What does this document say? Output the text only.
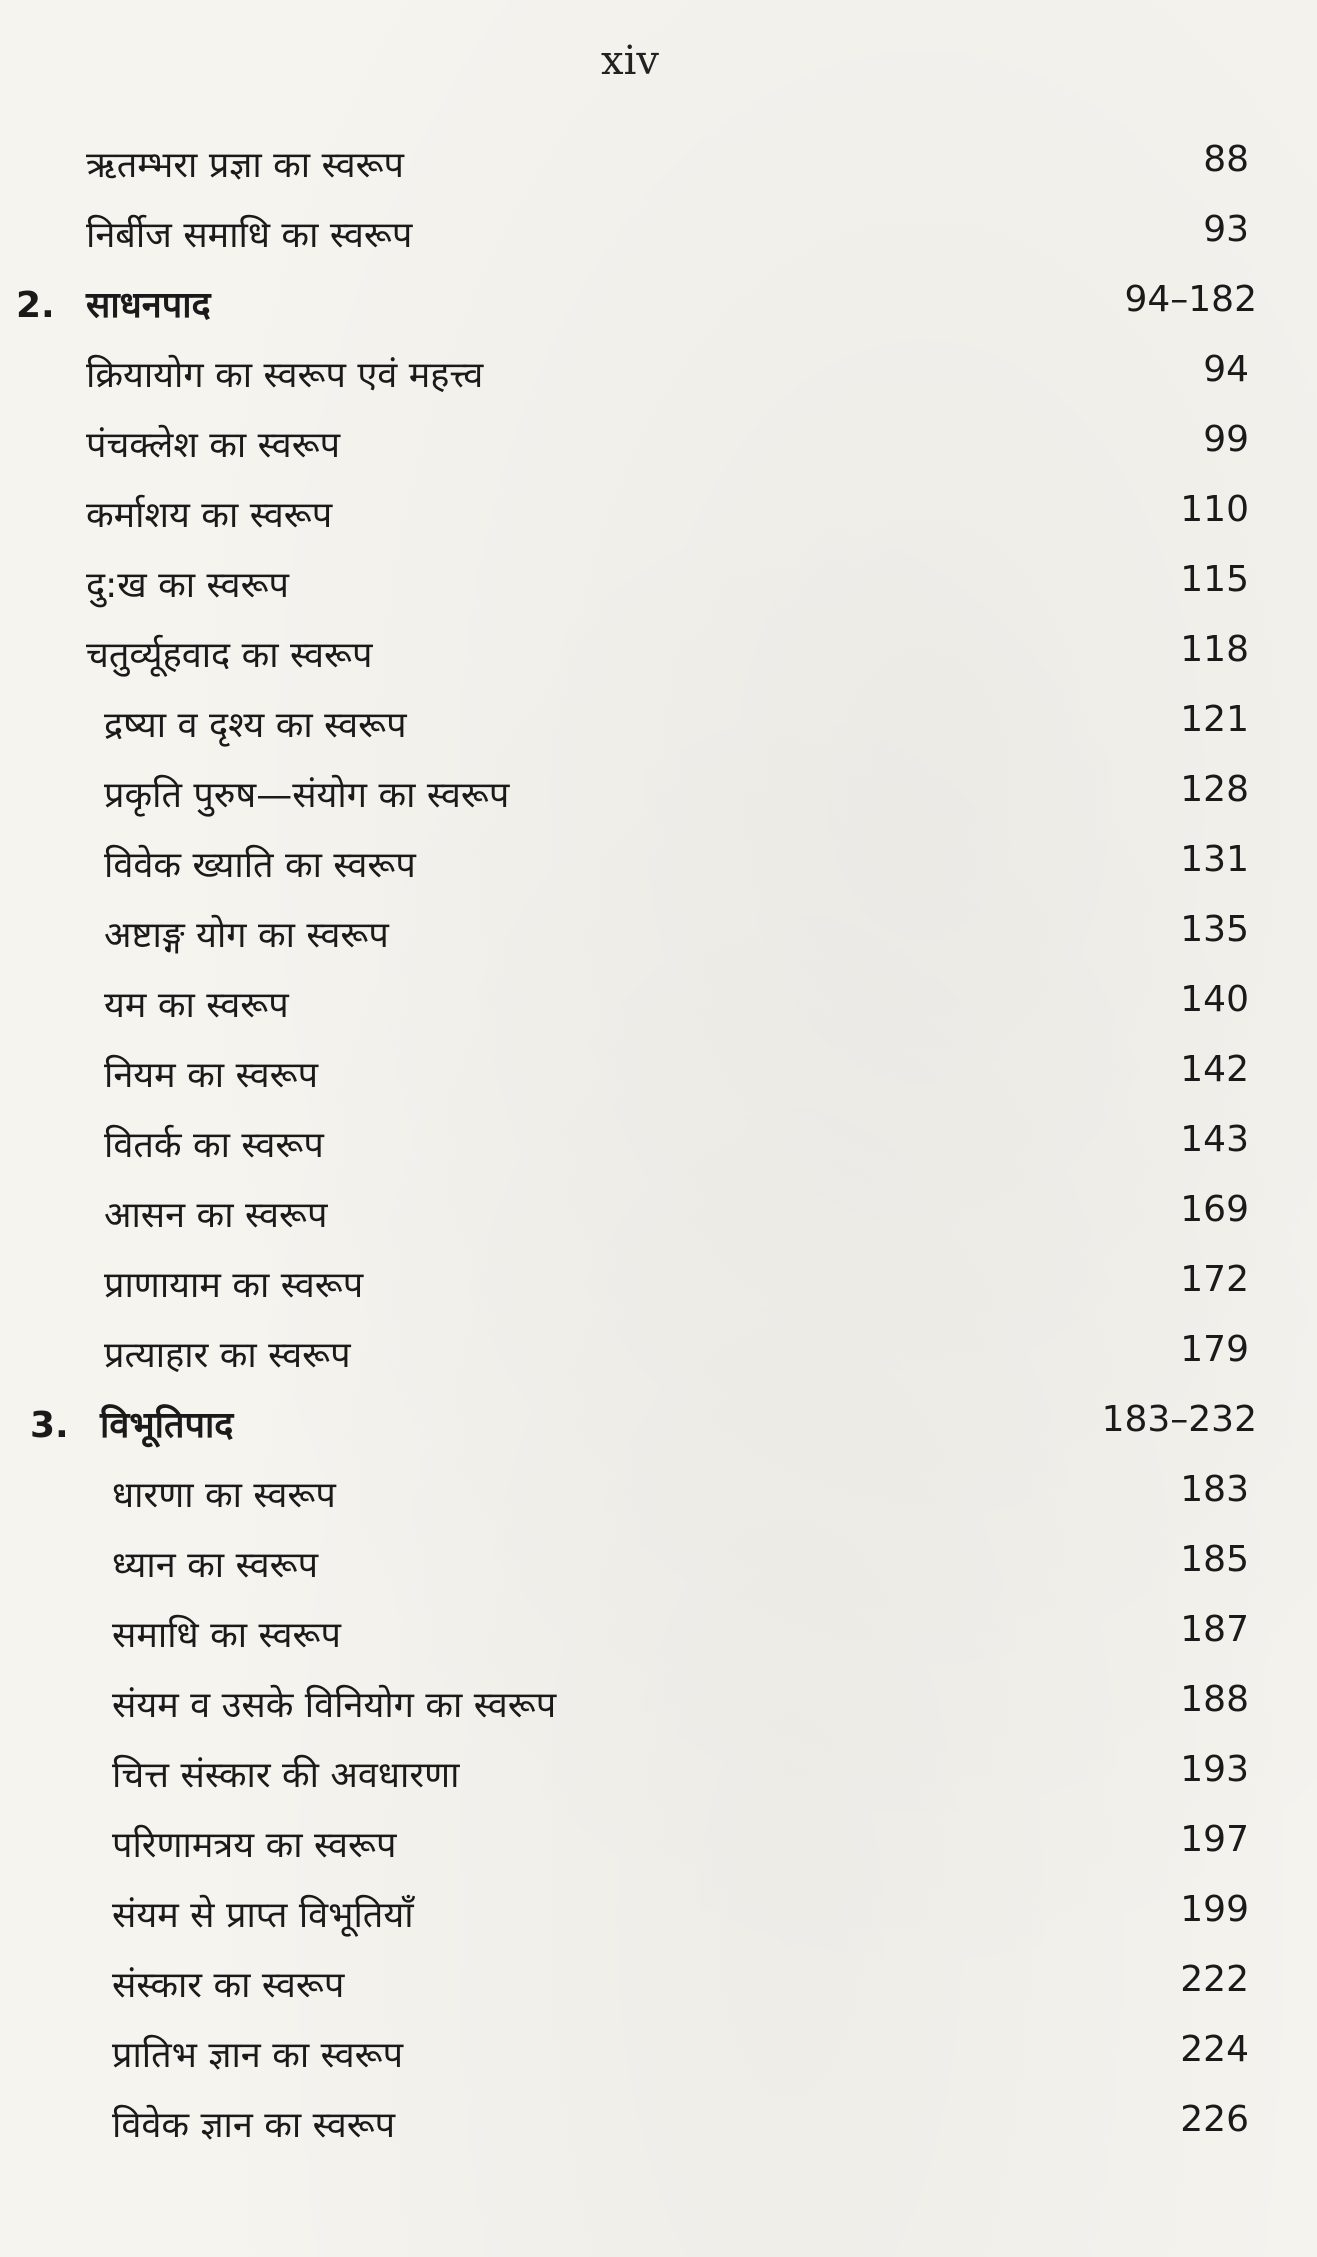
xiv
ऋतम्भरा प्रज्ञा का स्वरूप	88
निर्बीज समाधि का स्वरूप	93
2. साधनपाद	94–182
क्रियायोग का स्वरूप एवं महत्त्व	94
पंचक्लेश का स्वरूप	99
कर्माशय का स्वरूप	110
दु:ख का स्वरूप	115
चतुर्व्यूहवाद का स्वरूप	118
द्रष्या व दृश्य का स्वरूप	121
प्रकृति पुरुष—संयोग का स्वरूप	128
विवेक ख्याति का स्वरूप	131
अष्टाङ्ग योग का स्वरूप	135
यम का स्वरूप	140
नियम का स्वरूप	142
वितर्क का स्वरूप	143
आसन का स्वरूप	169
प्राणायाम का स्वरूप	172
प्रत्याहार का स्वरूप	179
3. विभूतिपाद	183–232
धारणा का स्वरूप	183
ध्यान का स्वरूप	185
समाधि का स्वरूप	187
संयम व उसके विनियोग का स्वरूप	188
चित्त संस्कार की अवधारणा	193
परिणामत्रय का स्वरूप	197
संयम से प्राप्त विभूतियाँ	199
संस्कार का स्वरूप	222
प्रातिभ ज्ञान का स्वरूप	224
विवेक ज्ञान का स्वरूप	226
